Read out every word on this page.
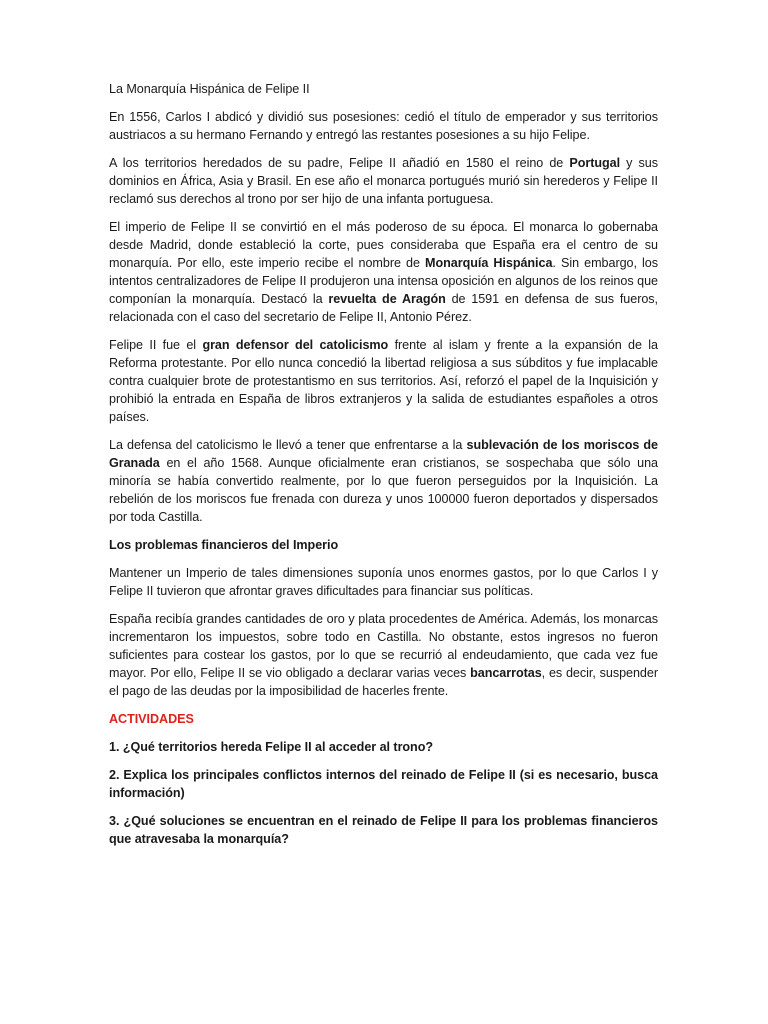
La Monarquía Hispánica de Felipe II

En 1556, Carlos I abdicó y dividió sus posesiones: cedió el título de emperador y sus territorios austriacos a su hermano Fernando y entregó las restantes posesiones a su hijo Felipe.

A los territorios heredados de su padre, Felipe II añadió en 1580 el reino de Portugal y sus dominios en África, Asia y Brasil. En ese año el monarca portugués murió sin herederos y Felipe II reclamó sus derechos al trono por ser hijo de una infanta portuguesa.

El imperio de Felipe II se convirtió en el más poderoso de su época. El monarca lo gobernaba desde Madrid, donde estableció la corte, pues consideraba que España era el centro de su monarquía. Por ello, este imperio recibe el nombre de Monarquía Hispánica. Sin embargo, los intentos centralizadores de Felipe II produjeron una intensa oposición en algunos de los reinos que componían la monarquía. Destacó la revuelta de Aragón de 1591 en defensa de sus fueros, relacionada con el caso del secretario de Felipe II, Antonio Pérez.

Felipe II fue el gran defensor del catolicismo frente al islam y frente a la expansión de la Reforma protestante. Por ello nunca concedió la libertad religiosa a sus súbditos y fue implacable contra cualquier brote de protestantismo en sus territorios. Así, reforzó el papel de la Inquisición y prohibió la entrada en España de libros extranjeros y la salida de estudiantes españoles a otros países.

La defensa del catolicismo le llevó a tener que enfrentarse a la sublevación de los moriscos de Granada en el año 1568. Aunque oficialmente eran cristianos, se sospechaba que sólo una minoría se había convertido realmente, por lo que fueron perseguidos por la Inquisición. La rebelión de los moriscos fue frenada con dureza y unos 100000 fueron deportados y dispersados por toda Castilla.

Los problemas financieros del Imperio

Mantener un Imperio de tales dimensiones suponía unos enormes gastos, por lo que Carlos I y Felipe II tuvieron que afrontar graves dificultades para financiar sus políticas.

España recibía grandes cantidades de oro y plata procedentes de América. Además, los monarcas incrementaron los impuestos, sobre todo en Castilla. No obstante, estos ingresos no fueron suficientes para costear los gastos, por lo que se recurrió al endeudamiento, que cada vez fue mayor. Por ello, Felipe II se vio obligado a declarar varias veces bancarrotas, es decir, suspender el pago de las deudas por la imposibilidad de hacerles frente.

ACTIVIDADES

1. ¿Qué territorios hereda Felipe II al acceder al trono?

2. Explica los principales conflictos internos del reinado de Felipe II (si es necesario, busca información)

3. ¿Qué soluciones se encuentran en el reinado de Felipe II para los problemas financieros que atravesaba la monarquía?
